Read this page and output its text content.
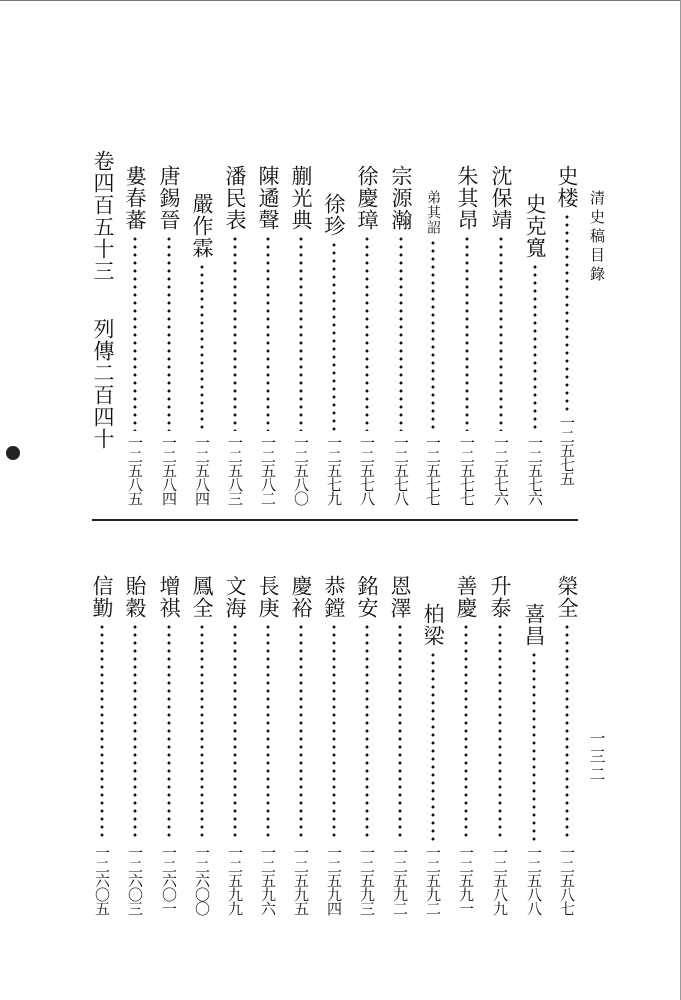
清史稿目錄
史楼
一二五七五
史克寬
一二五七六
沈保靖
一二五七六
朱其昂
一二五七七
弟其詔
一二五七七
宗源瀚
一二五七八
徐慶璋
一二五七八
徐珍
一二五七九
蒯光典
一二五八〇
陳遹聲
一二五八二
潘民表
一二五八三
嚴作霖
一二五八四
唐錫晉
一二五八四
婁春蕃
一二五八五
卷四百五十三
列傳二百四十
榮全
一二五八七
喜昌
一二五八八
升泰
一二五八九
善慶
一二五九一
柏梁
一二五九二
恩澤
一二五九二
銘安
一二五九三
恭鏜
一二五九四
慶裕
一二五九五
長庚
一二五九六
文海
一二五九九
鳳全
一二六〇〇
增祺
一二六〇一
貽穀
一二六〇三
信勤
一二六〇五
一三二
